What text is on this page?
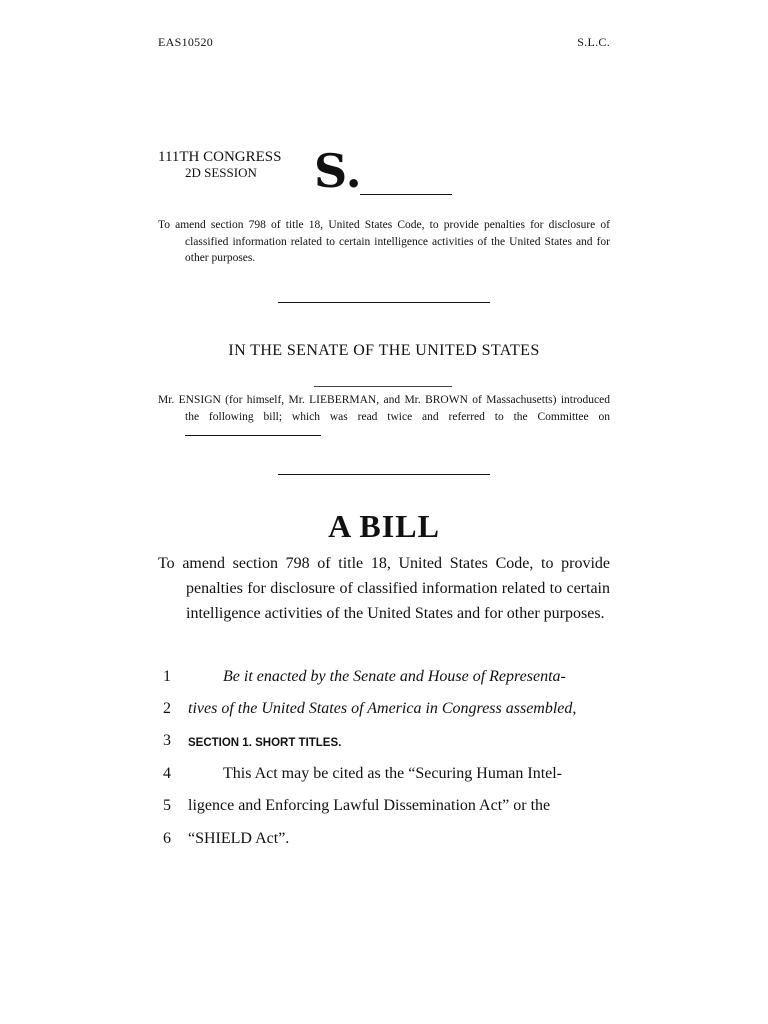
EAS10520	S.L.C.
111TH CONGRESS
2D SESSION S.
To amend section 798 of title 18, United States Code, to provide penalties for disclosure of classified information related to certain intelligence activities of the United States and for other purposes.
IN THE SENATE OF THE UNITED STATES
Mr. ENSIGN (for himself, Mr. LIEBERMAN, and Mr. BROWN of Massachusetts) introduced the following bill; which was read twice and referred to the Committee on
A BILL
To amend section 798 of title 18, United States Code, to provide penalties for disclosure of classified information related to certain intelligence activities of the United States and for other purposes.
1	Be it enacted by the Senate and House of Representa-
2	tives of the United States of America in Congress assembled,
3	SECTION 1. SHORT TITLES.
4	This Act may be cited as the “Securing Human Intel-
5	ligence and Enforcing Lawful Dissemination Act” or the
6	“SHIELD Act”.
